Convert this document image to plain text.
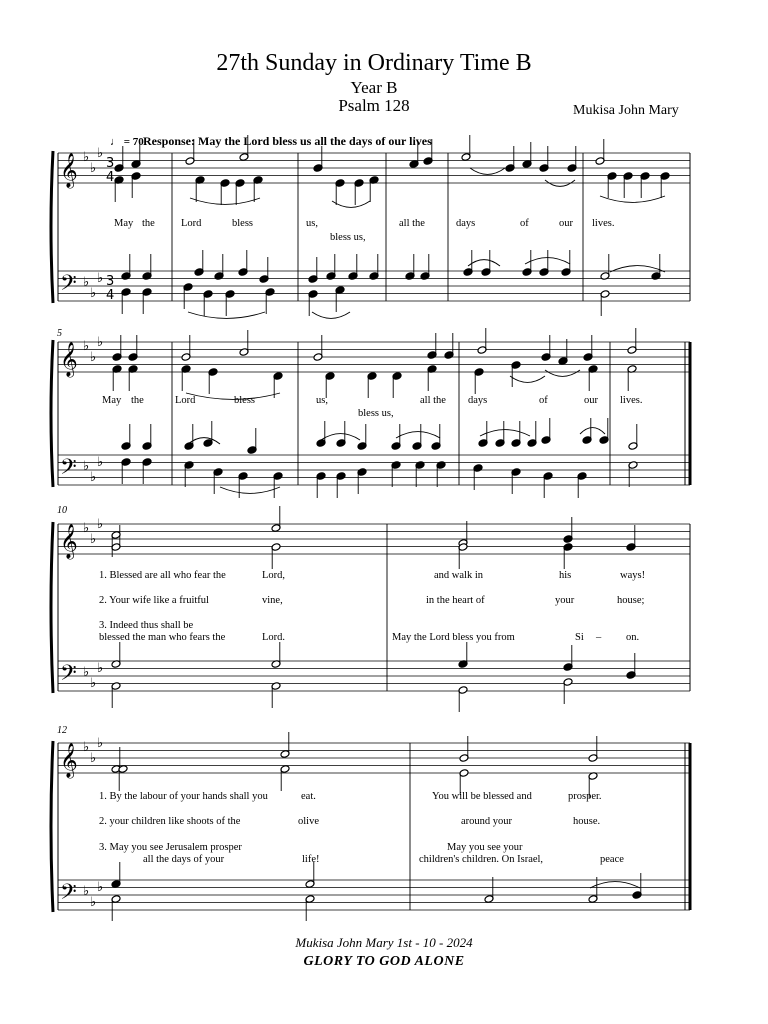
27th Sunday in Ordinary Time B
Year B
Psalm 128	Mukisa John Mary
♩ = 70 Response: May the Lord bless us all the days of our lives
𝄞
𝄢
♭
♭
♭
♭
♭
♭
3
4
3
4
𝄞
𝄢
♭
♭
♭
♭
♭
♭
𝄞
𝄢
♭
♭
♭
♭
♭
♭
𝄞
𝄢
♭
♭
♭
♭
♭
♭
5
10
12
May the Lord	bless	us,	all the	days	of	our lives.
bless us,
May the	Lord	bless	us,	all the days	of	our lives.
bless us,
1. Blessed are all who fear the	Lord,	and walk in	his	ways!
2. Your wife like a fruitful	vine,	in the heart of	your	house;
3. Indeed thus shall be
blessed the man who fears the	Lord.	May the Lord bless you from	Si – on.
1. By the labour of your hands shall you	eat.	You will be blessed and	prosper.
2. your children like shoots of the	olive	around your	house.
3. May you see Jerusalem prosper
all the days of your	life!
May you see your
children's children. On Israel,	peace
Mukisa John Mary 1st - 10 - 2024
GLORY TO GOD ALONE
